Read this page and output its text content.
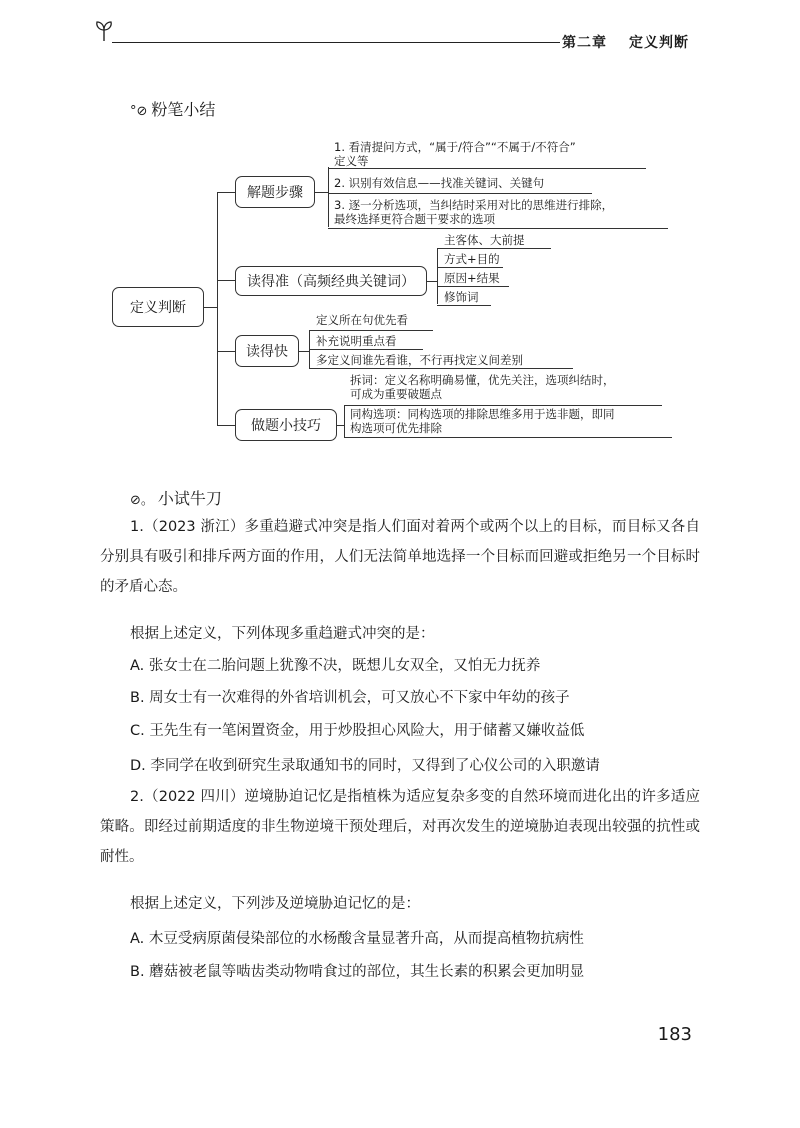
第二章 定义判断
°⊘ 粉笔小结
定义判断
解题步骤
1. 看清提问方式，“属于/符合”“不属于/不符合”
定义等
2. 识别有效信息——找准关键词、关键句
3. 逐一分析选项，当纠结时采用对比的思维进行排除，
最终选择更符合题干要求的选项
读得准（高频经典关键词）
主客体、大前提
方式+目的
原因+结果
修饰词
读得快
定义所在句优先看
补充说明重点看
多定义间谁先看谁，不行再找定义间差别
做题小技巧
拆词：定义名称明确易懂，优先关注，选项纠结时，
可成为重要破题点
同构选项：同构选项的排除思维多用于选非题，即同
构选项可优先排除
⊘。 小试牛刀
1.（2023 浙江）多重趋避式冲突是指人们面对着两个或两个以上的目标，而目标又各自分别具有吸引和排斥两方面的作用，人们无法简单地选择一个目标而回避或拒绝另一个目标时的矛盾心态。
根据上述定义，下列体现多重趋避式冲突的是：
A. 张女士在二胎问题上犹豫不决，既想儿女双全，又怕无力抚养
B. 周女士有一次难得的外省培训机会，可又放心不下家中年幼的孩子
C. 王先生有一笔闲置资金，用于炒股担心风险大，用于储蓄又嫌收益低
D. 李同学在收到研究生录取通知书的同时，又得到了心仪公司的入职邀请
2.（2022 四川）逆境胁迫记忆是指植株为适应复杂多变的自然环境而进化出的许多适应策略。即经过前期适度的非生物逆境干预处理后，对再次发生的逆境胁迫表现出较强的抗性或耐性。
根据上述定义，下列涉及逆境胁迫记忆的是：
A. 木豆受病原菌侵染部位的水杨酸含量显著升高，从而提高植物抗病性
B. 蘑菇被老鼠等啮齿类动物啃食过的部位，其生长素的积累会更加明显
183
